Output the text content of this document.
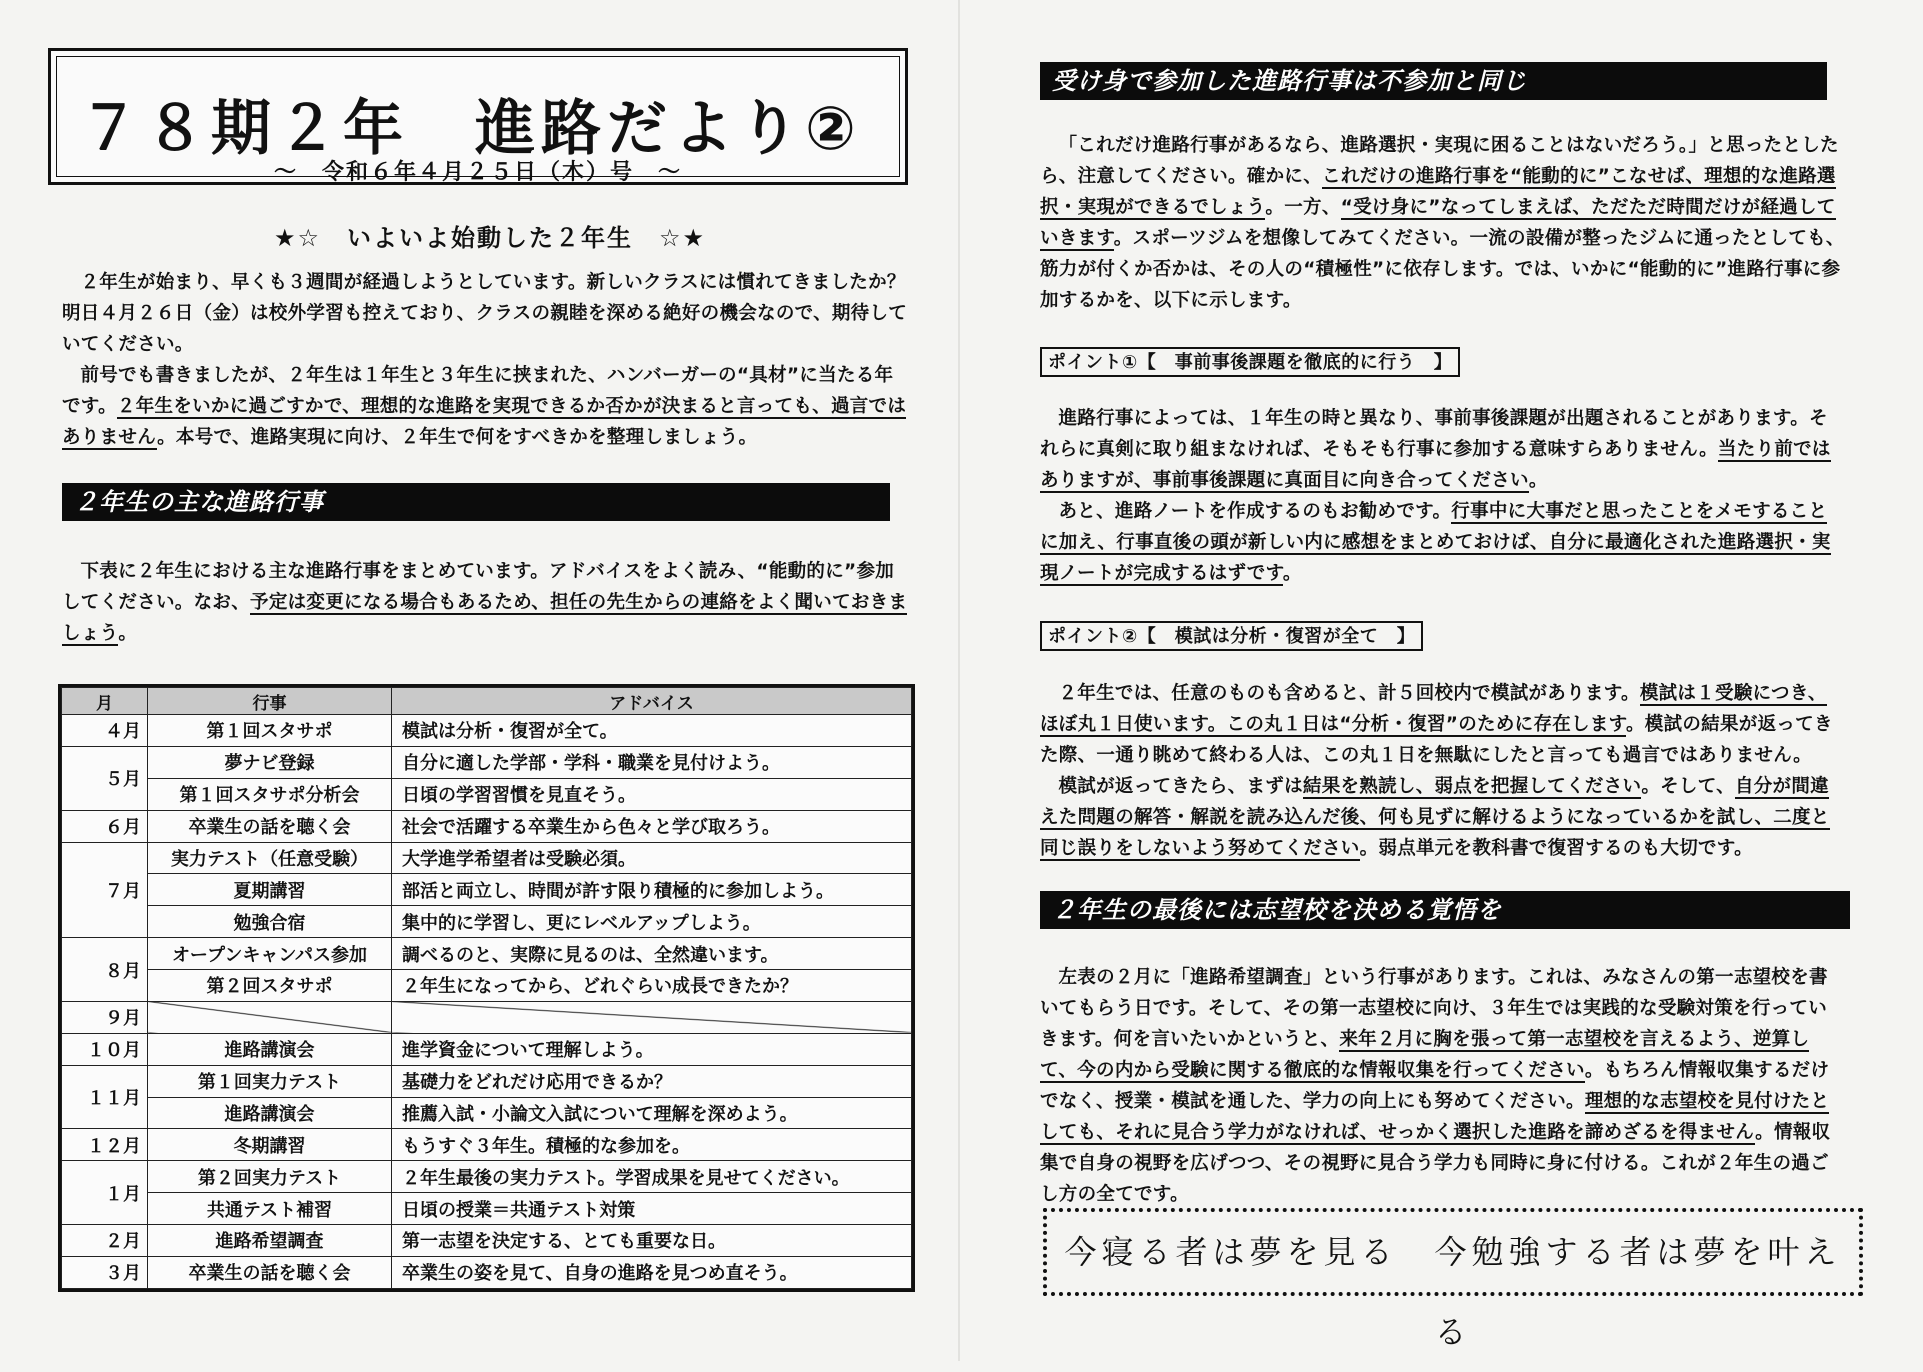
７８期２年　進路だより②
～　令和６年４月２５日（木）号　～
★☆　いよいよ始動した２年生　☆★

２年生が始まり、早くも３週間が経過しようとしています。新しいクラスには慣れてきましたか？明日４月２６日（金）は校外学習も控えており、クラスの親睦を深める絶好の機会なので、期待していてください。

前号でも書きましたが、２年生は１年生と３年生に挟まれた、ハンバーガーの“具材”に当たる年です。２年生をいかに過ごすかで、理想的な進路を実現できるか否かが決まると言っても、過言ではありません。本号で、進路実現に向け、２年生で何をすべきかを整理しましょう。

２年生の主な進路行事

下表に２年生における主な進路行事をまとめています。アドバイスをよく読み、“能動的に”参加してください。なお、予定は変更になる場合もあるため、担任の先生からの連絡をよく聞いておきましょう。

月	行事	アドバイス
４月	第１回スタサポ	模試は分析・復習が全て。
５月	夢ナビ登録	自分に適した学部・学科・職業を見付けよう。
	第１回スタサポ分析会	日頃の学習習慣を見直そう。
６月	卒業生の話を聴く会	社会で活躍する卒業生から色々と学び取ろう。
７月	実力テスト（任意受験）	大学進学希望者は受験必須。
	夏期講習	部活と両立し、時間が許す限り積極的に参加しよう。
	勉強合宿	集中的に学習し、更にレベルアップしよう。
８月	オープンキャンパス参加	調べるのと、実際に見るのは、全然違います。
	第２回スタサポ	２年生になってから、どれぐらい成長できたか？
９月		
１０月	進路講演会	進学資金について理解しよう。
１１月	第１回実力テスト	基礎力をどれだけ応用できるか？
	進路講演会	推薦入試・小論文入試について理解を深めよう。
１２月	冬期講習	もうすぐ３年生。積極的な参加を。
１月	第２回実力テスト	２年生最後の実力テスト。学習成果を見せてください。
	共通テスト補習	日頃の授業＝共通テスト対策
２月	進路希望調査	第一志望を決定する、とても重要な日。
３月	卒業生の話を聴く会	卒業生の姿を見て、自身の進路を見つめ直そう。
受け身で参加した進路行事は不参加と同じ

「これだけ進路行事があるなら、進路選択・実現に困ることはないだろう。」と思ったとしたら、注意してください。確かに、これだけの進路行事を“能動的に”こなせば、理想的な進路選択・実現ができるでしょう。一方、“受け身に”なってしまえば、ただただ時間だけが経過していきます。スポーツジムを想像してみてください。一流の設備が整ったジムに通ったとしても、筋力が付くか否かは、その人の“積極性”に依存します。では、いかに“能動的に”進路行事に参加するかを、以下に示します。

ポイント①【　事前事後課題を徹底的に行う　】

進路行事によっては、１年生の時と異なり、事前事後課題が出題されることがあります。それらに真剣に取り組まなければ、そもそも行事に参加する意味すらありません。当たり前ではありますが、事前事後課題に真面目に向き合ってください。

あと、進路ノートを作成するのもお勧めです。行事中に大事だと思ったことをメモすることに加え、行事直後の頭が新しい内に感想をまとめておけば、自分に最適化された進路選択・実現ノートが完成するはずです。

ポイント②【　模試は分析・復習が全て　】

２年生では、任意のものも含めると、計５回校内で模試があります。模試は１受験につき、ほぼ丸１日使います。この丸１日は“分析・復習”のために存在します。模試の結果が返ってきた際、一通り眺めて終わる人は、この丸１日を無駄にしたと言っても過言ではありません。

模試が返ってきたら、まずは結果を熟読し、弱点を把握してください。そして、自分が間違えた問題の解答・解説を読み込んだ後、何も見ずに解けるようになっているかを試し、二度と同じ誤りをしないよう努めてください。弱点単元を教科書で復習するのも大切です。

２年生の最後には志望校を決める覚悟を

左表の２月に「進路希望調査」という行事があります。これは、みなさんの第一志望校を書いてもらう日です。そして、その第一志望校に向け、３年生では実践的な受験対策を行っていきます。何を言いたいかというと、来年２月に胸を張って第一志望校を言えるよう、逆算して、今の内から受験に関する徹底的な情報収集を行ってください。もちろん情報収集するだけでなく、授業・模試を通した、学力の向上にも努めてください。理想的な志望校を見付けたとしても、それに見合う学力がなければ、せっかく選択した進路を諦めざるを得ません。情報収集で自身の視野を広げつつ、その視野に見合う学力も同時に身に付ける。これが２年生の過ごし方の全てです。

今寝る者は夢を見る　今勉強する者は夢を叶える
